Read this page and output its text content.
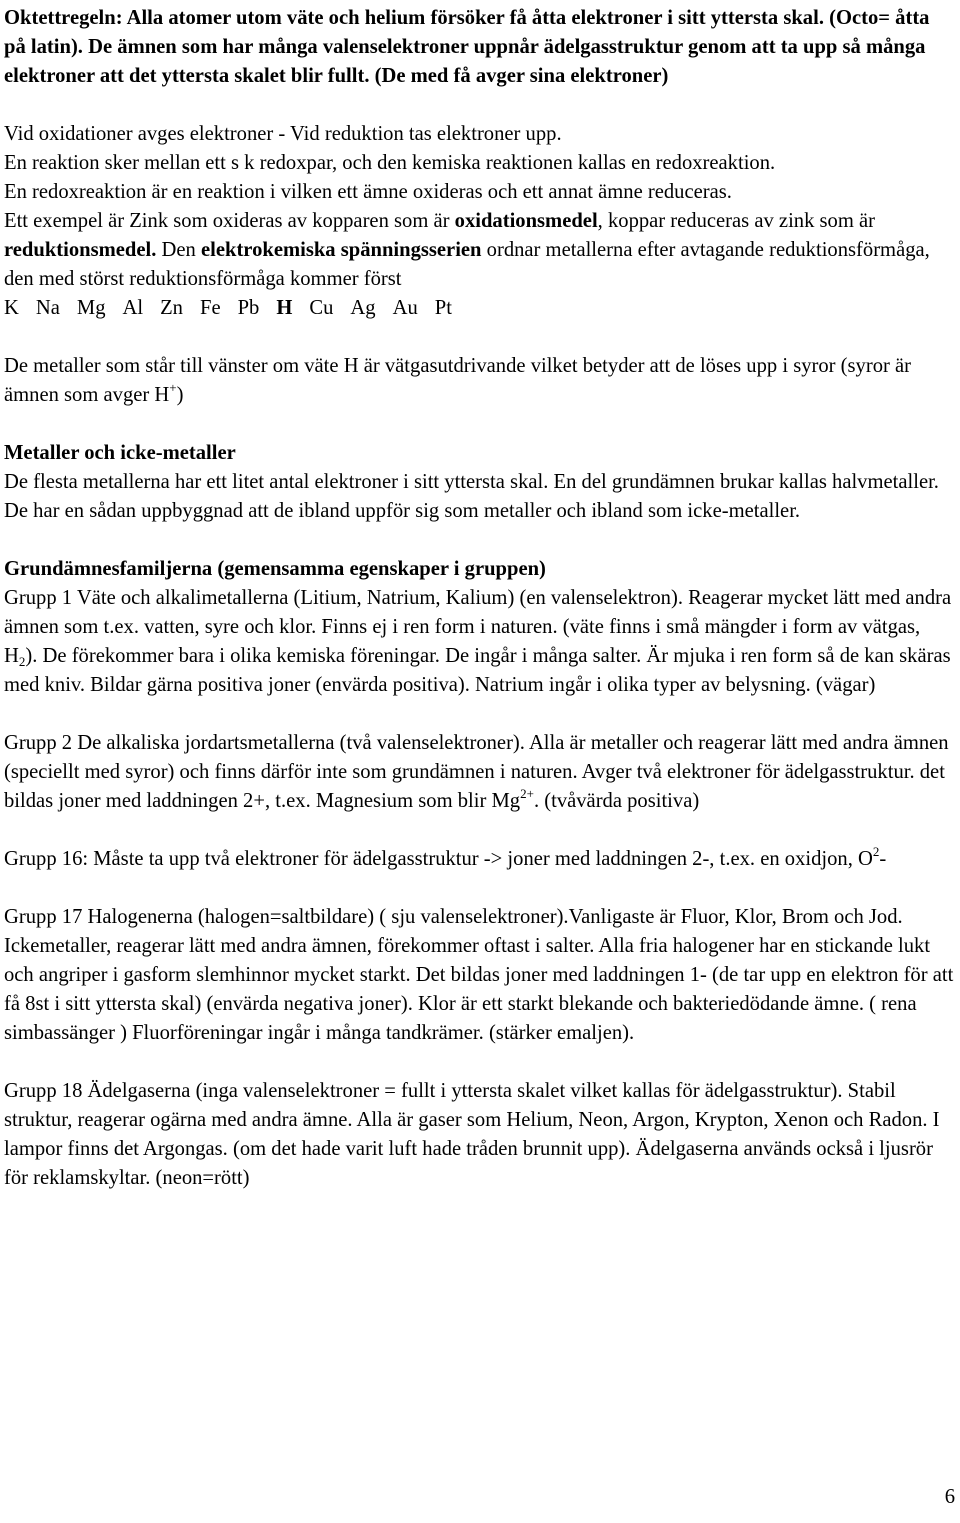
Oktettregeln: Alla atomer utom väte och helium försöker få åtta elektroner i sitt yttersta skal. (Octo= åtta på latin). De ämnen som har många valenselektroner uppnår ädelgasstruktur genom att ta upp så många elektroner att det yttersta skalet blir fullt. (De med få avger sina elektroner)

Vid oxidationer avges elektroner - Vid reduktion tas elektroner upp.

En reaktion sker mellan ett s k redoxpar, och den kemiska reaktionen kallas en redoxreaktion.

En redoxreaktion är en reaktion i vilken ett ämne oxideras och ett annat ämne reduceras.

Ett exempel är Zink som oxideras av kopparen som är oxidationsmedel, koppar reduceras av zink som är reduktionsmedel. Den elektrokemiska spänningsserien ordnar metallerna efter avtagande reduktionsförmåga, den med störst reduktionsförmåga kommer först

K Na Mg Al Zn Fe Pb H Cu Ag Au Pt

De metaller som står till vänster om väte H är vätgasutdrivande vilket betyder att de löses upp i syror (syror är ämnen som avger H+)

Metaller och icke-metaller

De flesta metallerna har ett litet antal elektroner i sitt yttersta skal. En del grundämnen brukar kallas halvmetaller. De har en sådan uppbyggnad att de ibland uppför sig som metaller och ibland som icke-metaller.

Grundämnesfamiljerna (gemensamma egenskaper i gruppen)

Grupp 1 Väte och alkalimetallerna (Litium, Natrium, Kalium) (en valenselektron). Reagerar mycket lätt med andra ämnen som t.ex. vatten, syre och klor. Finns ej i ren form i naturen. (väte finns i små mängder i form av vätgas, $H_2$). De förekommer bara i olika kemiska föreningar. De ingår i många salter. Är mjuka i ren form så de kan skäras med kniv. Bildar gärna positiva joner (envärda positiva). Natrium ingår i olika typer av belysning. (vägar)

Grupp 2 De alkaliska jordartsmetallerna (två valenselektroner). Alla är metaller och reagerar lätt med andra ämnen (speciellt med syror) och finns därför inte som grundämnen i naturen. Avger två elektroner för ädelgasstruktur. det bildas joner med laddningen 2+, t.ex. Magnesium som blir $Mg^{2+}$. (tvåvärda positiva)

Grupp 16: Måste ta upp två elektroner för ädelgasstruktur -> joner med laddningen 2-, t.ex. en oxidjon, $O^2-$

Grupp 17 Halogenerna (halogen=saltbildare) ( sju valenselektroner).Vanligaste är Fluor, Klor, Brom och Jod. Ickemetaller, reagerar lätt med andra ämnen, förekommer oftast i salter. Alla fria halogener har en stickande lukt och angriper i gasform slemhinnor mycket starkt. Det bildas joner med laddningen 1- (de tar upp en elektron för att få 8st i sitt yttersta skal) (envärda negativa joner). Klor är ett starkt blekande och bakteriedödande ämne. ( rena simbassänger ) Fluorföreningar ingår i många tandkrämer. (stärker emaljen).

Grupp 18 Ädelgaserna (inga valenselektroner = fullt i yttersta skalet vilket kallas för ädelgasstruktur). Stabil struktur, reagerar ogärna med andra ämne. Alla är gaser som Helium, Neon, Argon, Krypton, Xenon och Radon. I lampor finns det Argongas. (om det hade varit luft hade tråden brunnit upp). Ädelgaserna används också i ljusrör för reklamskyltar. (neon=rött)

6
